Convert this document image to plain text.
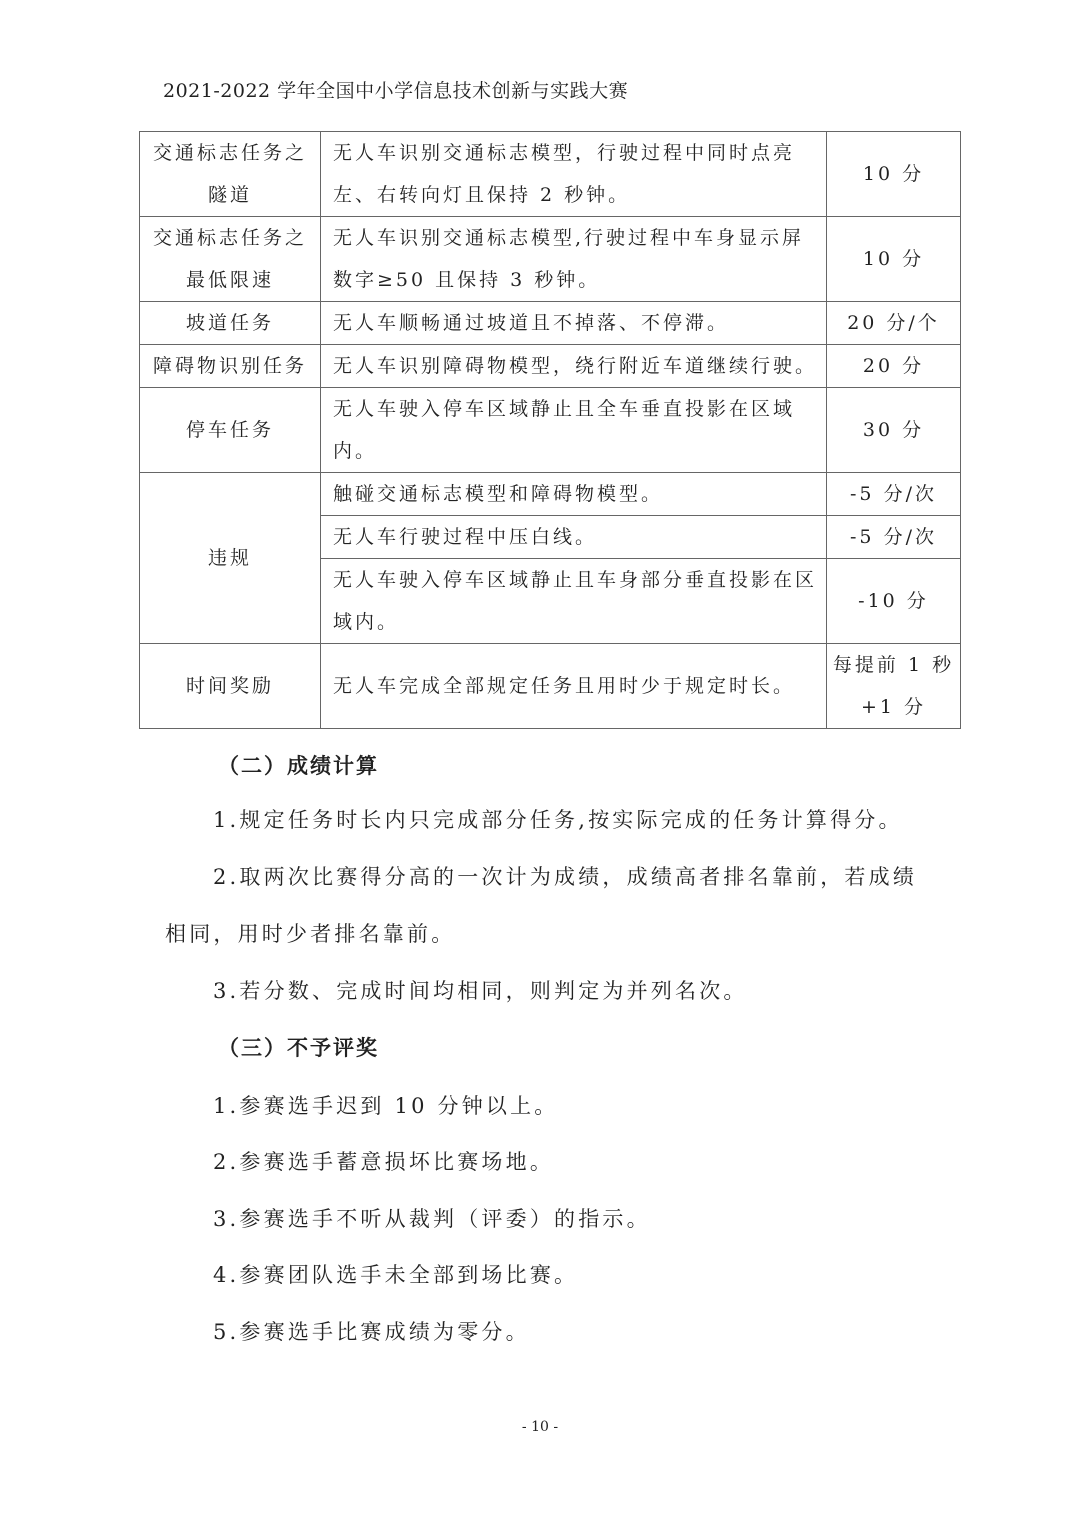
2021-2022 学年全国中小学信息技术创新与实践大赛
交通标志任务之
隧道	无人车识别交通标志模型，行驶过程中同时点亮左、右转向灯且保持 2 秒钟。	10 分

交通标志任务之
最低限速	无人车识别交通标志模型,行驶过程中车身显示屏数字≥50 且保持 3 秒钟。	10 分
坡道任务	无人车顺畅通过坡道且不掉落、不停滞。	20 分/个
障碍物识别任务	无人车识别障碍物模型，绕行附近车道继续行驶。	20 分
停车任务	无人车驶入停车区域静止且全车垂直投影在区域内。	30 分
违规	触碰交通标志模型和障碍物模型。	-5 分/次
	无人车行驶过程中压白线。	-5 分/次
	无人车驶入停车区域静止且车身部分垂直投影在区域内。	-10 分
时间奖励	无人车完成全部规定任务且用时少于规定时长。	每提前 1 秒
+1 分
（二）成绩计算
1.规定任务时长内只完成部分任务,按实际完成的任务计算得分。
2.取两次比赛得分高的一次计为成绩，成绩高者排名靠前，若成绩相同，用时少者排名靠前。
3.若分数、完成时间均相同，则判定为并列名次。
（三）不予评奖
1.参赛选手迟到 10 分钟以上。
2.参赛选手蓄意损坏比赛场地。
3.参赛选手不听从裁判（评委）的指示。
4.参赛团队选手未全部到场比赛。
5.参赛选手比赛成绩为零分。
- 10 -
